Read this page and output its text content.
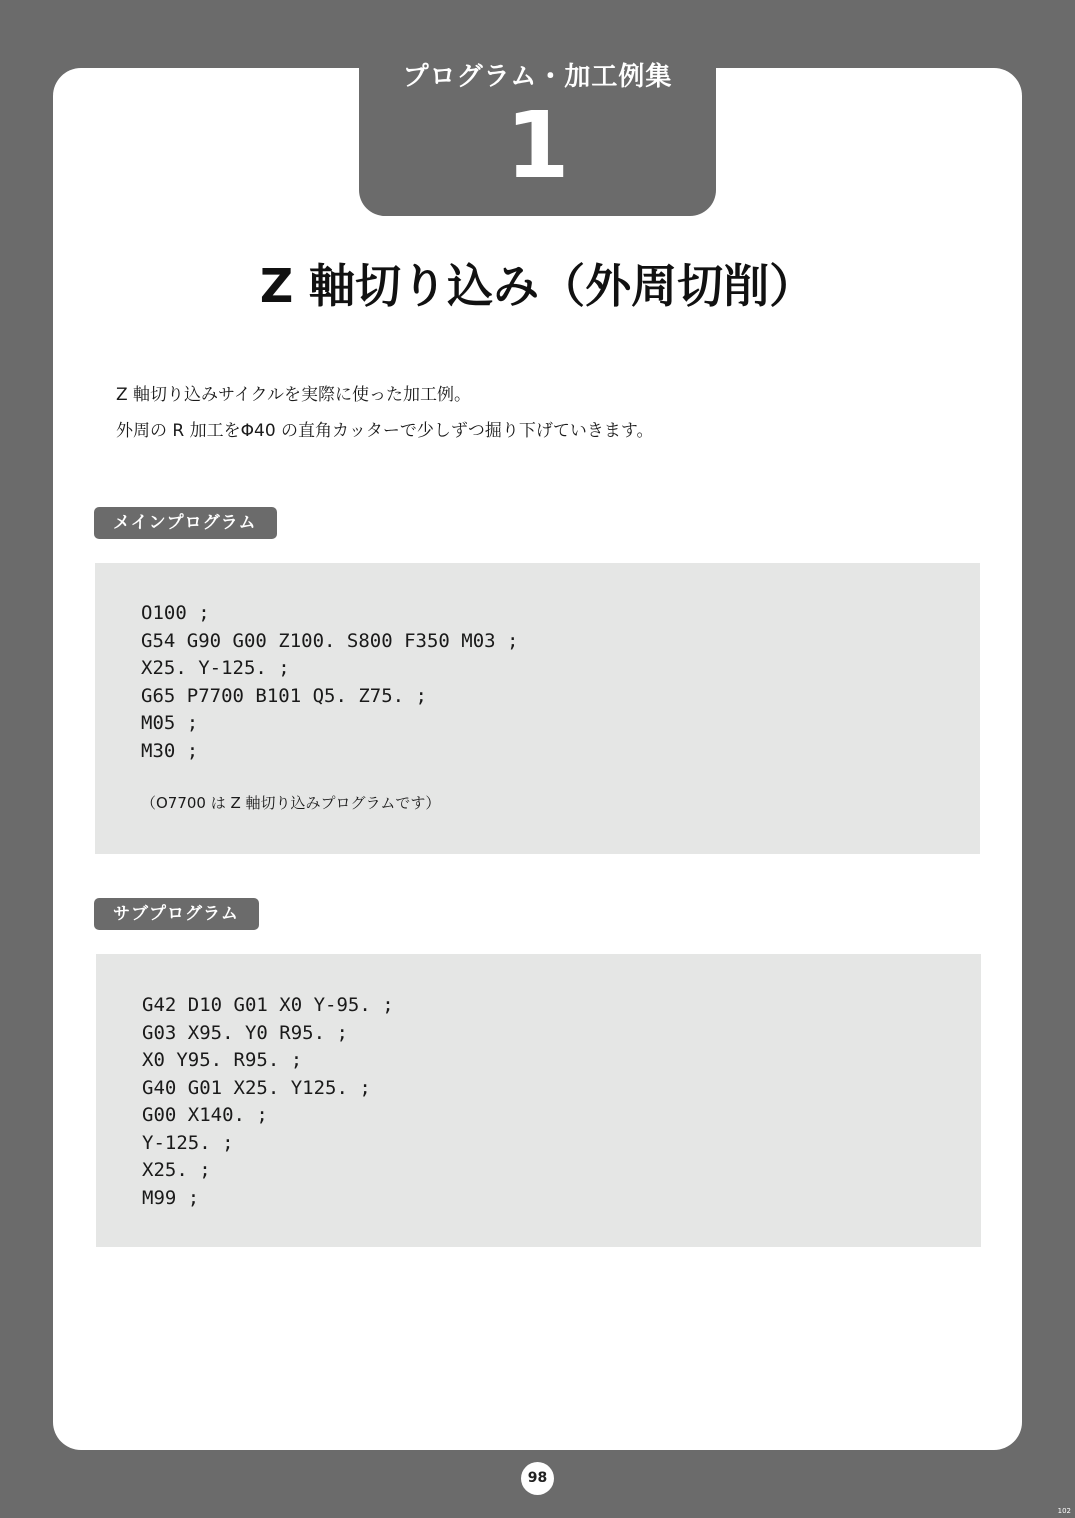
プログラム・加工例集
1
Z 軸切り込み（外周切削）
Z 軸切り込みサイクルを実際に使った加工例。
外周の R 加工をΦ40 の直角カッターで少しずつ掘り下げていきます。
メインプログラム
O100 ;
G54 G90 G00 Z100. S800 F350 M03 ;
X25. Y-125. ;
G65 P7700 B101 Q5. Z75. ;
M05 ;
M30 ;
（O7700 は Z 軸切り込みプログラムです）
サブプログラム
G42 D10 G01 X0 Y-95. ;
G03 X95. Y0 R95. ;
X0 Y95. R95. ;
G40 G01 X25. Y125. ;
G00 X140. ;
Y-125. ;
X25. ;
M99 ;
98
102
